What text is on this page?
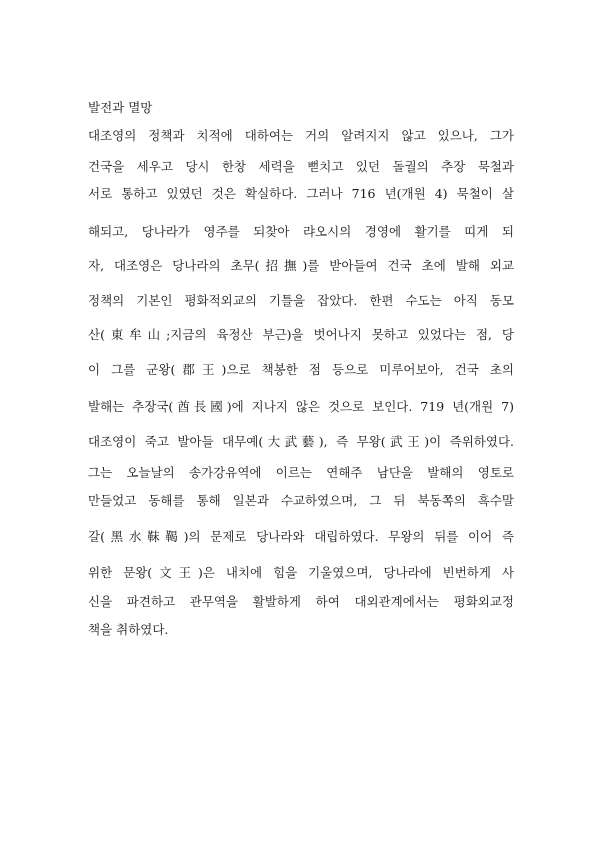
발전과 멸망
대조영의 정책과 치적에 대하여는 거의 알려지지 않고 있으나, 그가
건국을 세우고 당시 한창 세력을 뻗치고 있던 돌궐의 추장 묵철과
서로 통하고 있였던 것은 확실하다. 그러나 716 년(개원 4) 묵철이 살
해되고, 당나라가 영주를 되찾아 랴오시의 경영에 활기를 띠게 되
자, 대조영은 당나라의 초무(招撫)를 받아들여 건국 초에 발해 외교
정책의 기본인 평화적외교의 기틀을 잡았다. 한편 수도는 아직 동모
산(東牟山;지금의 육정산 부근)을 벗어나지 못하고 있었다는 점, 당
이 그를 군왕(郡王)으로 책봉한 점 등으로 미루어보아, 건국 초의
발해는 추장국(酋長國)에 지나지 않은 것으로 보인다. 719 년(개원 7)
대조영이 죽고 발아들 대무예(大武藝), 즉 무왕(武王)이 즉위하였다.
그는 오늘날의 송가강유역에 이르는 연해주 남단을 발해의 영토로
만들었고 동해를 통해 일본과 수교하였으며, 그 뒤 북동쪽의 흑수말
갈(黑水靺鞨)의 문제로 당나라와 대립하였다. 무왕의 뒤를 이어 즉
위한 문왕(文王)은 내치에 힘을 기울였으며, 당나라에 빈번하게 사
신을 파견하고 관무역을 활발하게 하여 대외관계에서는 평화외교정
책을 취하였다.
